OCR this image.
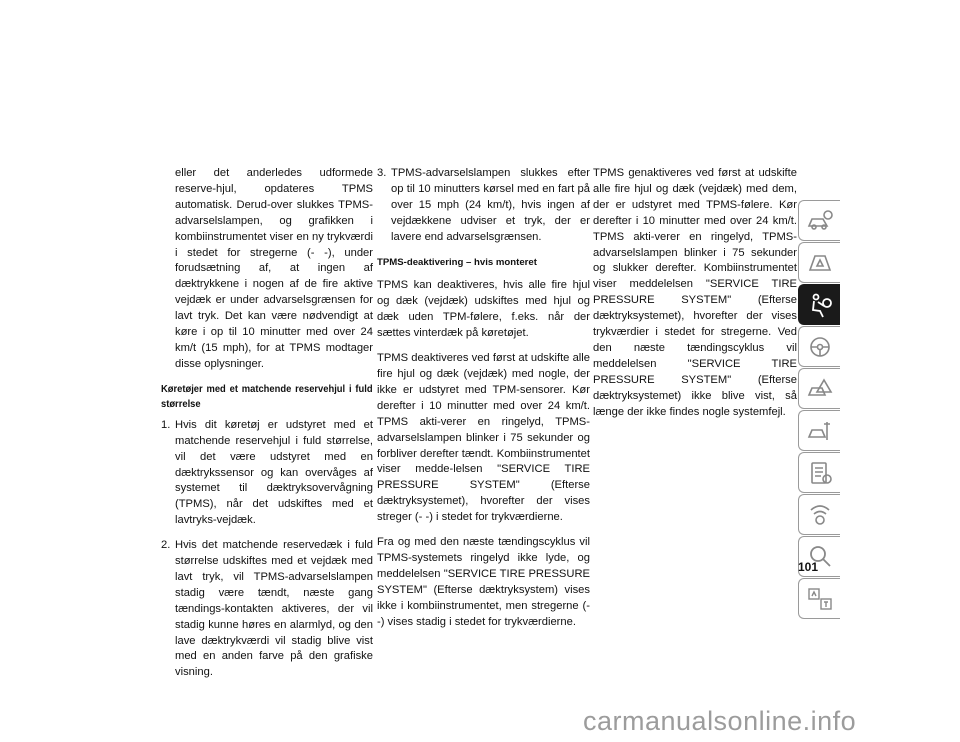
eller det anderledes udformede reserve-hjul, opdateres TPMS automatisk. Derud-over slukkes TPMS-advarselslampen, og grafikken i kombiinstrumentet viser en ny trykværdi i stedet for stregerne (- -), under forudsætning af, at ingen af dæktrykkene i nogen af de fire aktive vejdæk er under advarselsgrænsen for lavt tryk. Det kan være nødvendigt at køre i op til 10 minutter med over 24 km/t (15 mph), for at TPMS modtager disse oplysninger.

Køretøjer med et matchende reservehjul i fuld størrelse
1. Hvis dit køretøj er udstyret med et matchende reservehjul i fuld størrelse, vil det være udstyret med en dæktrykssensor og kan overvåges af systemet til dæktryksovervågning (TPMS), når det udskiftes med et lavtryks-vejdæk.
2. Hvis det matchende reservedæk i fuld størrelse udskiftes med et vejdæk med lavt tryk, vil TPMS-advarselslampen stadig være tændt, næste gang tændings-kontakten aktiveres, der vil stadig kunne høres en alarmlyd, og den lave dæktrykværdi vil stadig blive vist med en anden farve på den grafiske visning.
3. TPMS-advarselslampen slukkes efter op til 10 minutters kørsel med en fart på over 15 mph (24 km/t), hvis ingen af vejdækkene udviser et tryk, der er lavere end advarselsgrænsen.
TPMS-deaktivering – hvis monteret

TPMS kan deaktiveres, hvis alle fire hjul og dæk (vejdæk) udskiftes med hjul og dæk uden TPM-følere, f.eks. når der sættes vinterdæk på køretøjet.

TPMS deaktiveres ved først at udskifte alle fire hjul og dæk (vejdæk) med nogle, der ikke er udstyret med TPM-sensorer. Kør derefter i 10 minutter med over 24 km/t. TPMS akti-verer en ringelyd, TPMS-advarselslampen blinker i 75 sekunder og forbliver derefter tændt. Kombiinstrumentet viser medde-lelsen "SERVICE TIRE PRESSURE SYSTEM" (Efterse dæktryksystemet), hvorefter der vises streger (- -) i stedet for trykværdierne.

Fra og med den næste tændingscyklus vil TPMS-systemets ringelyd ikke lyde, og meddelelsen "SERVICE TIRE PRESSURE SYSTEM" (Efterse dæktryksystem) vises ikke i kombiinstrumentet, men stregerne (--) vises stadig i stedet for trykværdierne.

TPMS genaktiveres ved først at udskifte alle fire hjul og dæk (vejdæk) med dem, der er udstyret med TPMS-følere. Kør derefter i 10 minutter med over 24 km/t. TPMS akti-verer en ringelyd, TPMS-advarselslampen blinker i 75 sekunder og slukker derefter. Kombiinstrumentet viser meddelelsen "SERVICE TIRE PRESSURE SYSTEM" (Efterse dæktryksystemet), hvorefter der vises trykværdier i stedet for stregerne. Ved den næste tændingscyklus vil meddelelsen "SERVICE TIRE PRESSURE SYSTEM" (Efterse dæktryksystemet) ikke blive vist, så længe der ikke findes nogle systemfejl.

101
carmanualsonline.info
